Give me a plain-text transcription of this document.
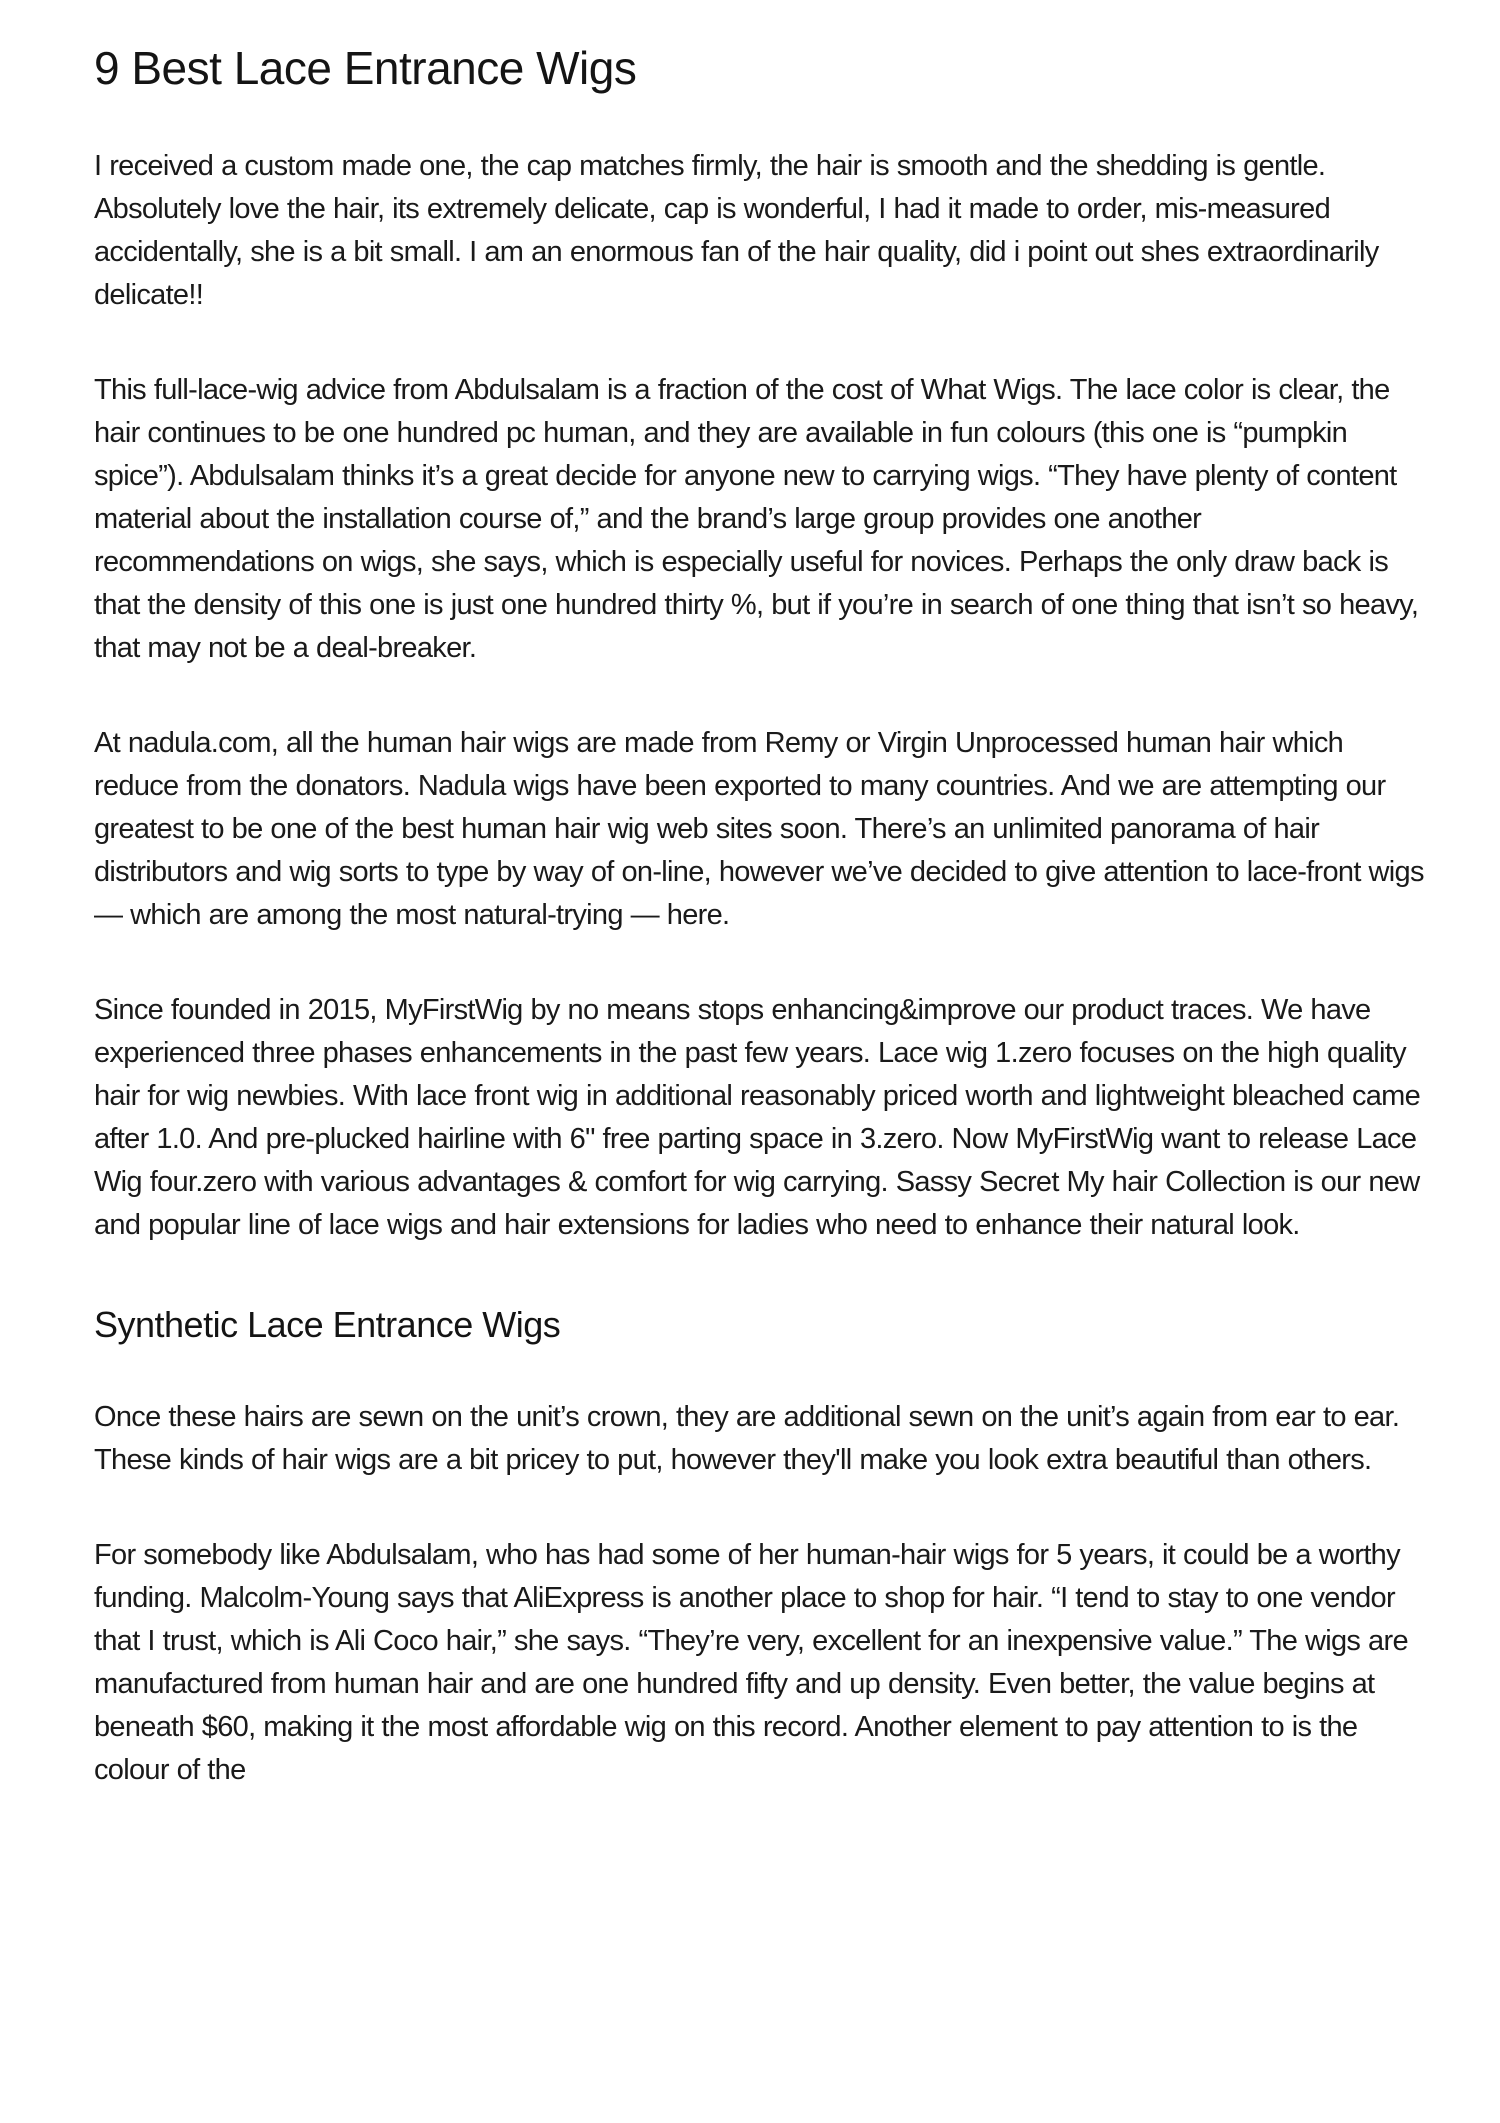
9 Best Lace Entrance Wigs

I received a custom made one, the cap matches firmly, the hair is smooth and the shedding is gentle. Absolutely love the hair, its extremely delicate, cap is wonderful, I had it made to order, mis-measured accidentally, she is a bit small. I am an enormous fan of the hair quality, did i point out shes extraordinarily delicate!!

This full-lace-wig advice from Abdulsalam is a fraction of the cost of What Wigs. The lace color is clear, the hair continues to be one hundred pc human, and they are available in fun colours (this one is “pumpkin spice”). Abdulsalam thinks it’s a great decide for anyone new to carrying wigs. “They have plenty of content material about the installation course of,” and the brand’s large group provides one another recommendations on wigs, she says, which is especially useful for novices. Perhaps the only draw back is that the density of this one is just one hundred thirty %, but if you’re in search of one thing that isn’t so heavy, that may not be a deal-breaker.

At nadula.com, all the human hair wigs are made from Remy or Virgin Unprocessed human hair which reduce from the donators. Nadula wigs have been exported to many countries. And we are attempting our greatest to be one of the best human hair wig web sites soon. There’s an unlimited panorama of hair distributors and wig sorts to type by way of on-line, however we’ve decided to give attention to lace-front wigs — which are among the most natural-trying — here.

Since founded in 2015, MyFirstWig by no means stops enhancing&improve our product traces. We have experienced three phases enhancements in the past few years. Lace wig 1.zero focuses on the high quality hair for wig newbies. With lace front wig in additional reasonably priced worth and lightweight bleached came after 1.0. And pre-plucked hairline with 6" free parting space in 3.zero. Now MyFirstWig want to release Lace Wig four.zero with various advantages & comfort for wig carrying. Sassy Secret My hair Collection is our new and popular line of lace wigs and hair extensions for ladies who need to enhance their natural look.

Synthetic Lace Entrance Wigs

Once these hairs are sewn on the unit’s crown, they are additional sewn on the unit’s again from ear to ear. These kinds of hair wigs are a bit pricey to put, however they'll make you look extra beautiful than others.

For somebody like Abdulsalam, who has had some of her human-hair wigs for 5 years, it could be a worthy funding. Malcolm-Young says that AliExpress is another place to shop for hair. “I tend to stay to one vendor that I trust, which is Ali Coco hair,” she says. “They’re very, excellent for an inexpensive value.” The wigs are manufactured from human hair and are one hundred fifty and up density. Even better, the value begins at beneath $60, making it the most affordable wig on this record. Another element to pay attention to is the colour of the
